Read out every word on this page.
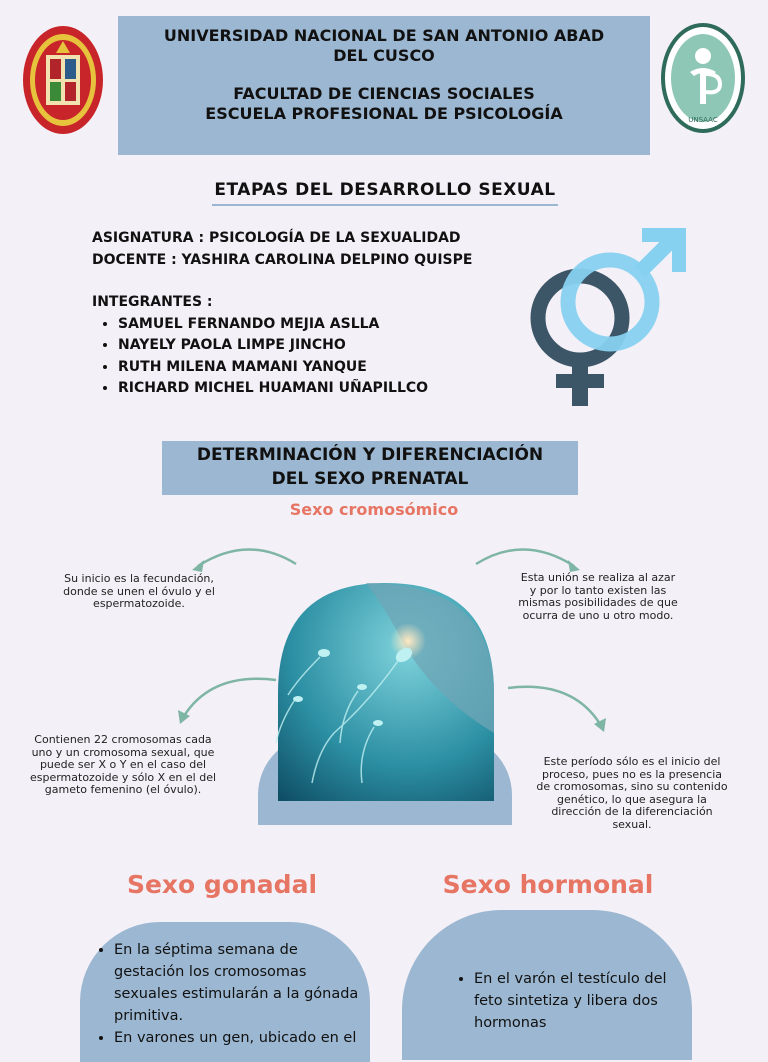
UNIVERSIDAD NACIONAL DE SAN ANTONIO ABAD
DEL CUSCO
FACULTAD DE CIENCIAS SOCIALES
ESCUELA PROFESIONAL DE PSICOLOGÍA	UNSAAC
ETAPAS DEL DESARROLLO SEXUAL
ASIGNATURA : PSICOLOGÍA DE LA SEXUALIDAD
DOCENTE : YASHIRA CAROLINA DELPINO QUISPE
INTEGRANTES :
• SAMUEL FERNANDO MEJIA ASLLA
• NAYELY PAOLA LIMPE JINCHO
• RUTH MILENA MAMANI YANQUE
• RICHARD MICHEL HUAMANI UÑAPILLCO
DETERMINACIÓN Y DIFERENCIACIÓN
DEL SEXO PRENATAL
Sexo cromosómico
Su inicio es la fecundación, donde se unen el óvulo y el espermatozoide.
Esta unión se realiza al azar y por lo tanto existen las mismas posibilidades de que ocurra de uno u otro modo.
Contienen 22 cromosomas cada uno y un cromosoma sexual, que puede ser X o Y en el caso del espermatozoide y sólo X en el del gameto femenino (el óvulo).
Este período sólo es el inicio del proceso, pues no es la presencia de cromosomas, sino su contenido genético, lo que asegura la dirección de la diferenciación sexual.
Sexo gonadal	Sexo hormonal
• En la séptima semana de gestación los cromosomas sexuales estimularán a la gónada primitiva.
• En varones un gen, ubicado en el
• En el varón el testículo del feto sintetiza y libera dos hormonas
